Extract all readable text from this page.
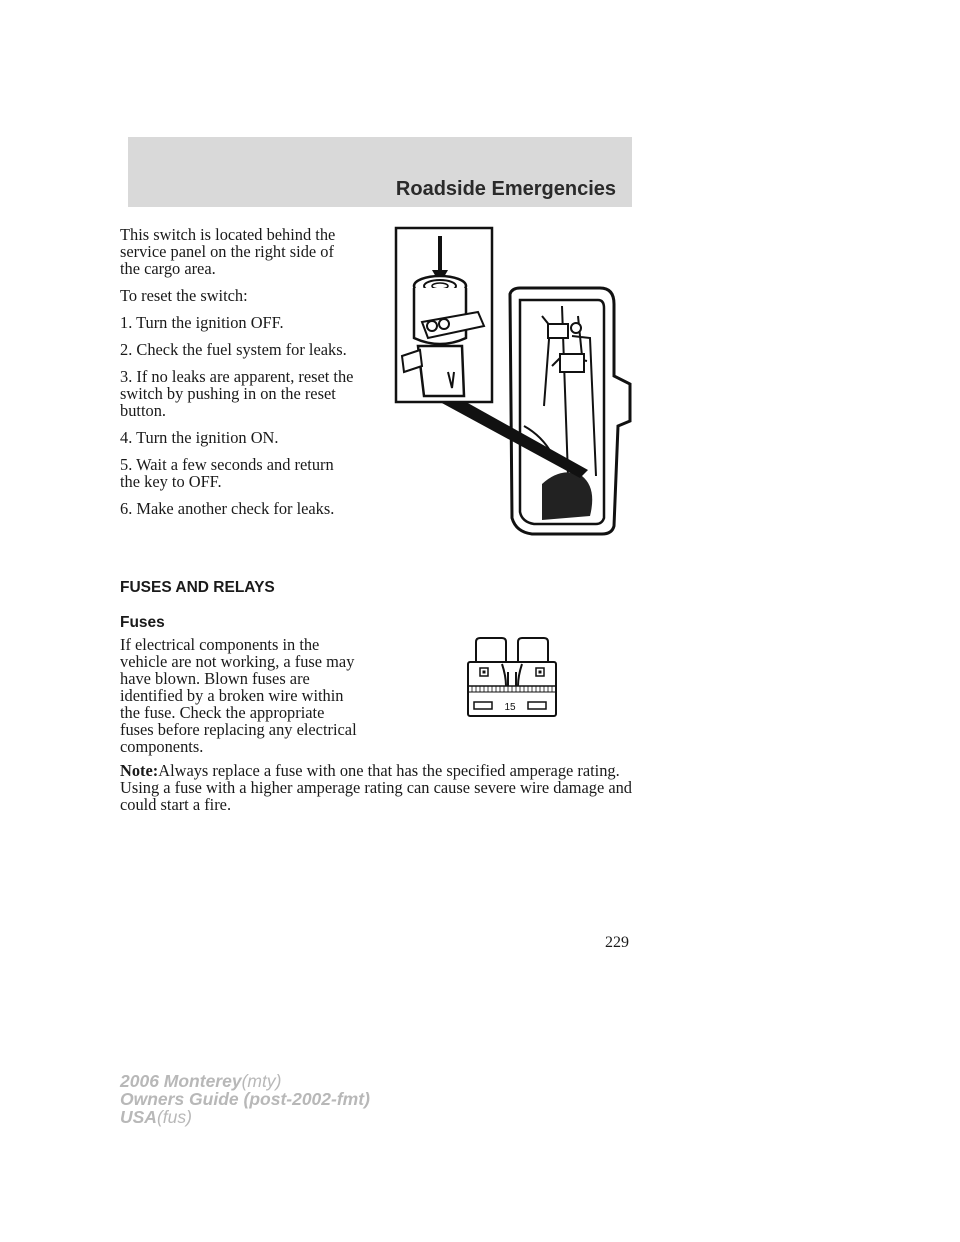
Roadside Emergencies

This switch is located behind the
service panel on the right side of
the cargo area.

To reset the switch:

1. Turn the ignition OFF.

2. Check the fuel system for leaks.

3. If no leaks are apparent, reset the
switch by pushing in on the reset
button.

4. Turn the ignition ON.

5. Wait a few seconds and return
the key to OFF.

6. Make another check for leaks.

FUSES AND RELAYS
Fuses
If electrical components in the
vehicle are not working, a fuse may
have blown. Blown fuses are
identified by a broken wire within
the fuse. Check the appropriate
fuses before replacing any electrical
components.
15
Note:Always replace a fuse with one that has the specified amperage rating. Using a fuse with a higher amperage rating can cause severe wire damage and could start a fire.
229
2006 Monterey(mty)
Owners Guide (post-2002-fmt)
USA(fus)
